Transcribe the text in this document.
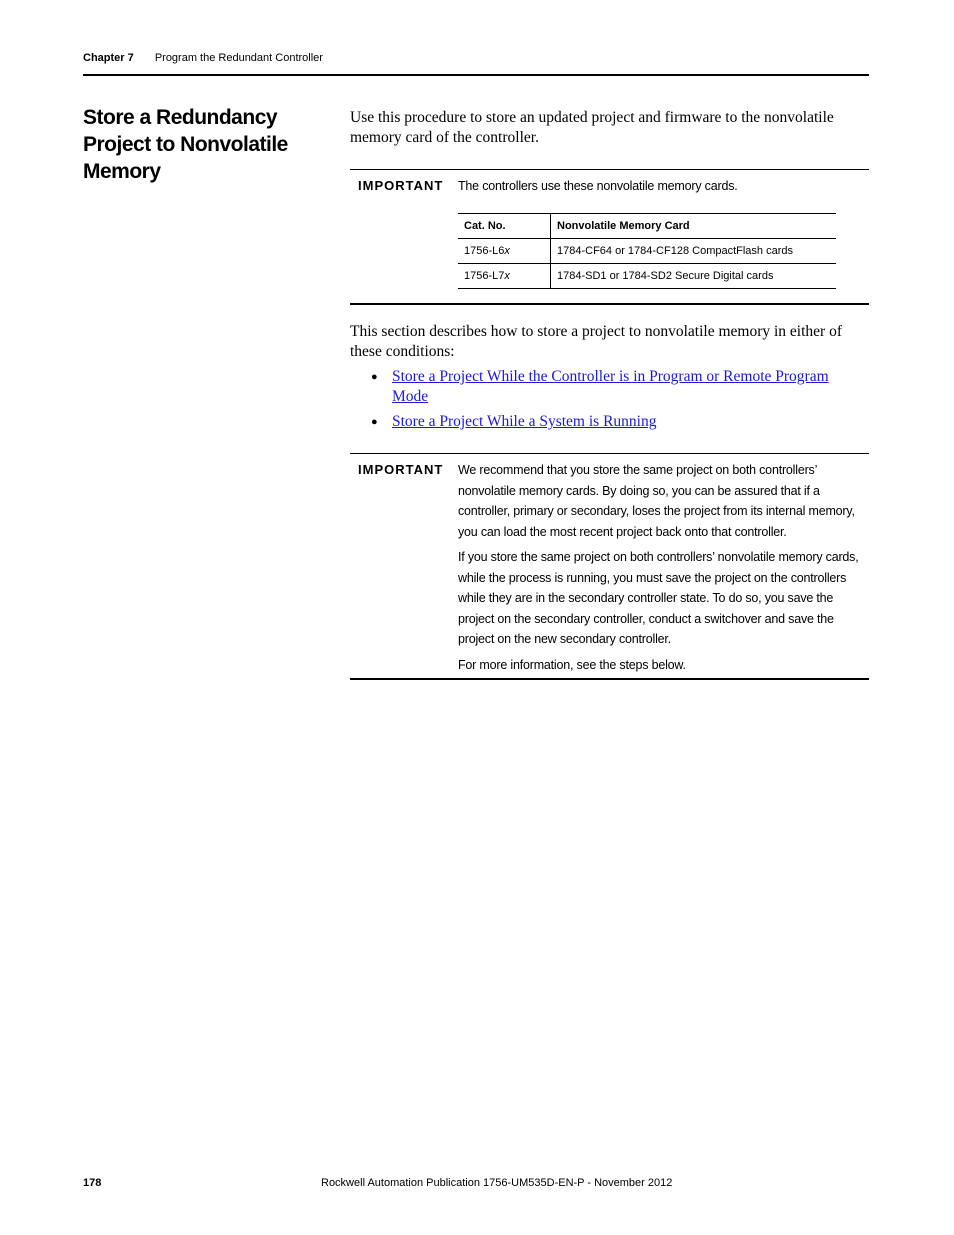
Chapter 7 Program the Redundant Controller
Store a Redundancy Project to Nonvolatile Memory
Use this procedure to store an updated project and firmware to the nonvolatile memory card of the controller.
IMPORTANT The controllers use these nonvolatile memory cards.
Cat. No.	Nonvolatile Memory Card
1756-L6x	1784-CF64 or 1784-CF128 CompactFlash cards
1756-L7x	1784-SD1 or 1784-SD2 Secure Digital cards
This section describes how to store a project to nonvolatile memory in either of these conditions:
● Store a Project While the Controller is in Program or Remote Program Mode
● Store a Project While a System is Running
IMPORTANT We recommend that you store the same project on both controllers’ nonvolatile memory cards. By doing so, you can be assured that if a controller, primary or secondary, loses the project from its internal memory, you can load the most recent project back onto that controller.

If you store the same project on both controllers’ nonvolatile memory cards, while the process is running, you must save the project on the controllers while they are in the secondary controller state. To do so, you save the project on the secondary controller, conduct a switchover and save the project on the new secondary controller.

For more information, see the steps below.

178	Rockwell Automation Publication 1756-UM535D-EN-P - November 2012
